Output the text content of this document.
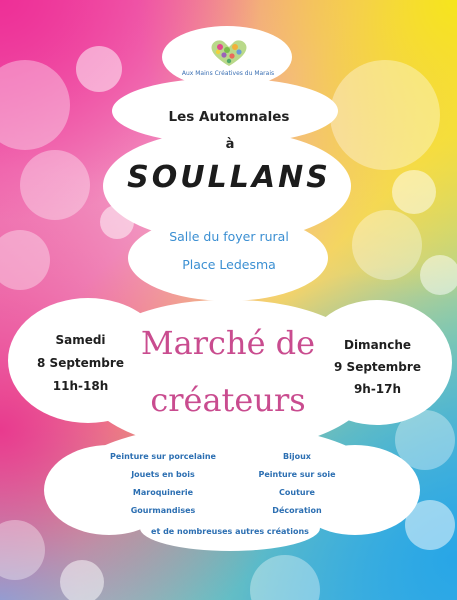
Aux Mains Créatives du Marais
Les Automnales
à
SOULLANS
Salle du foyer rural
Place Ledesma
Samedi
8 Septembre
11h-18h
Dimanche
9 Septembre
9h-17h
Marché de
créateurs
Peinture sur porcelaine
Jouets en bois
Maroquinerie
Gourmandises
Bijoux
Peinture sur soie
Couture
Décoration
et de nombreuses autres créations
